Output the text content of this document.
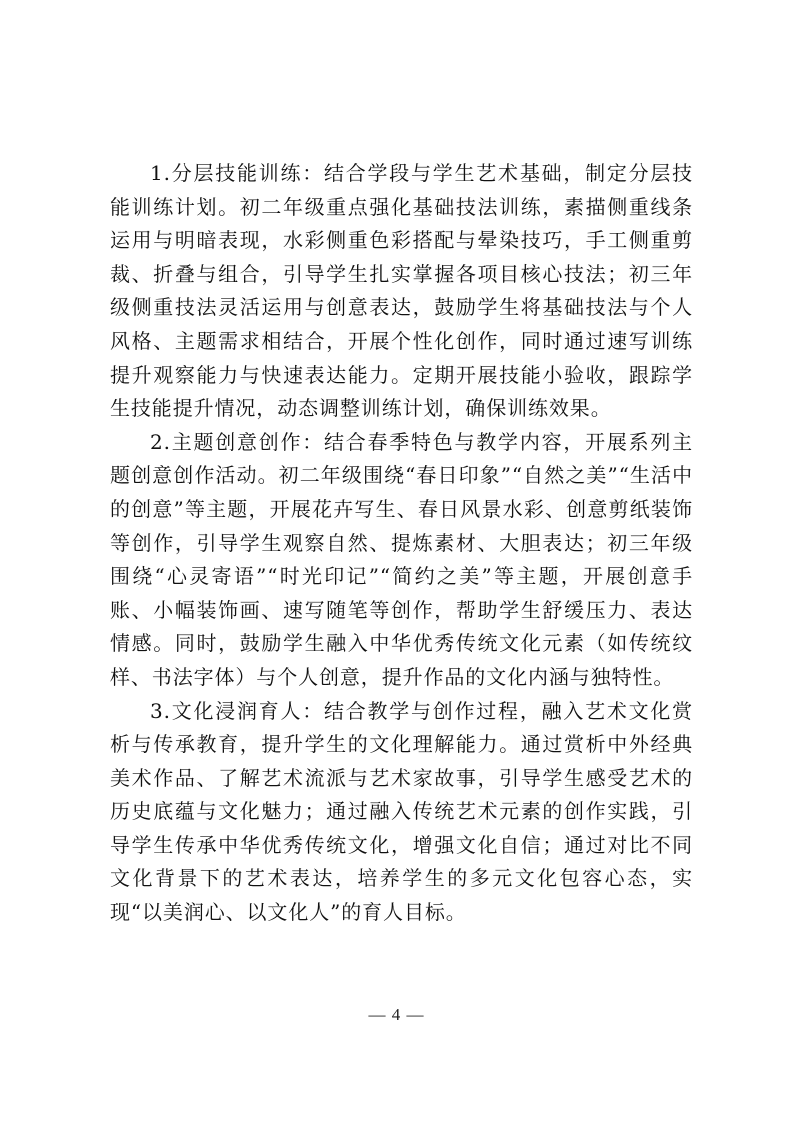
1.分层技能训练：结合学段与学生艺术基础，制定分层技能训练计划。初二年级重点强化基础技法训练，素描侧重线条运用与明暗表现，水彩侧重色彩搭配与晕染技巧，手工侧重剪裁、折叠与组合，引导学生扎实掌握各项目核心技法；初三年级侧重技法灵活运用与创意表达，鼓励学生将基础技法与个人风格、主题需求相结合，开展个性化创作，同时通过速写训练提升观察能力与快速表达能力。定期开展技能小验收，跟踪学生技能提升情况，动态调整训练计划，确保训练效果。

2.主题创意创作：结合春季特色与教学内容，开展系列主题创意创作活动。初二年级围绕“春日印象”“自然之美”“生活中的创意”等主题，开展花卉写生、春日风景水彩、创意剪纸装饰等创作，引导学生观察自然、提炼素材、大胆表达；初三年级围绕“心灵寄语”“时光印记”“简约之美”等主题，开展创意手账、小幅装饰画、速写随笔等创作，帮助学生舒缓压力、表达情感。同时，鼓励学生融入中华优秀传统文化元素（如传统纹样、书法字体）与个人创意，提升作品的文化内涵与独特性。

3.文化浸润育人：结合教学与创作过程，融入艺术文化赏析与传承教育，提升学生的文化理解能力。通过赏析中外经典美术作品、了解艺术流派与艺术家故事，引导学生感受艺术的历史底蕴与文化魅力；通过融入传统艺术元素的创作实践，引导学生传承中华优秀传统文化，增强文化自信；通过对比不同文化背景下的艺术表达，培养学生的多元文化包容心态，实现“以美润心、以文化人”的育人目标。

— 4 —
